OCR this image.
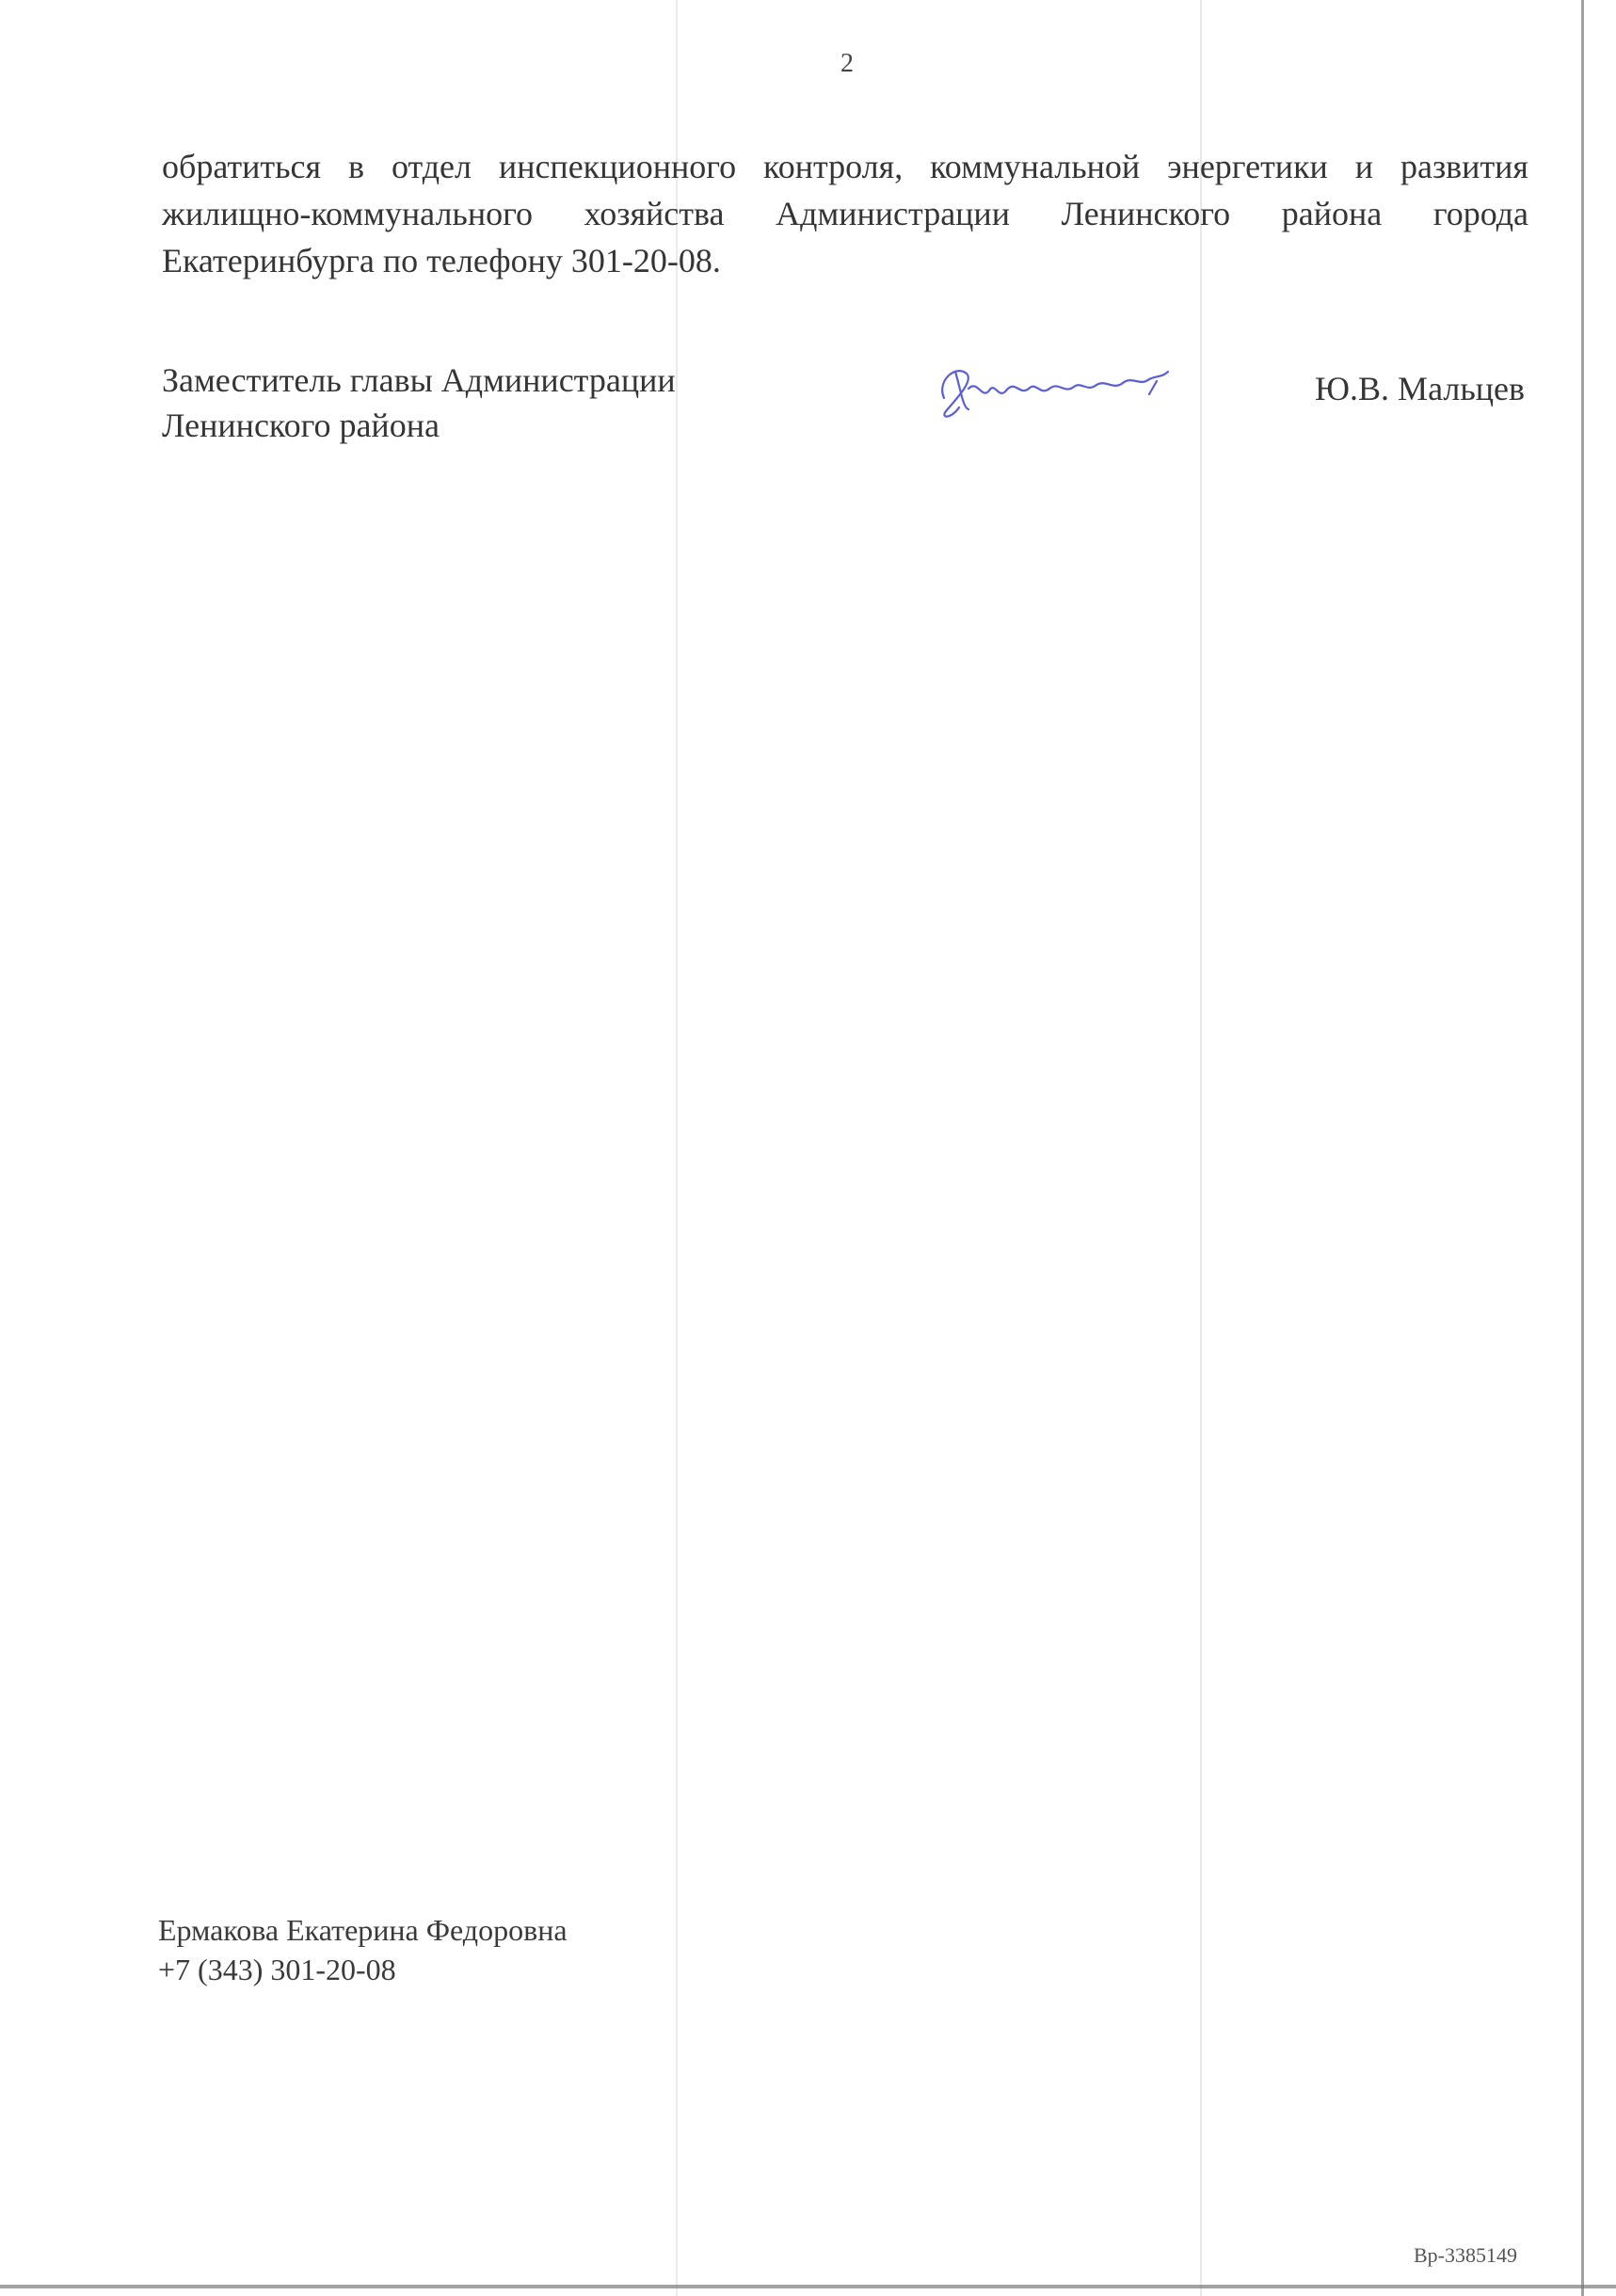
2
обратиться в отдел инспекционного контроля, коммунальной энергетики и развития жилищно-коммунального хозяйства Администрации Ленинского района города Екатеринбурга по телефону 301-20-08.
Заместитель главы Администрации
Ленинского района
Ю.В. Мальцев
Ермакова Екатерина Федоровна
+7 (343) 301-20-08
Вр-3385149
